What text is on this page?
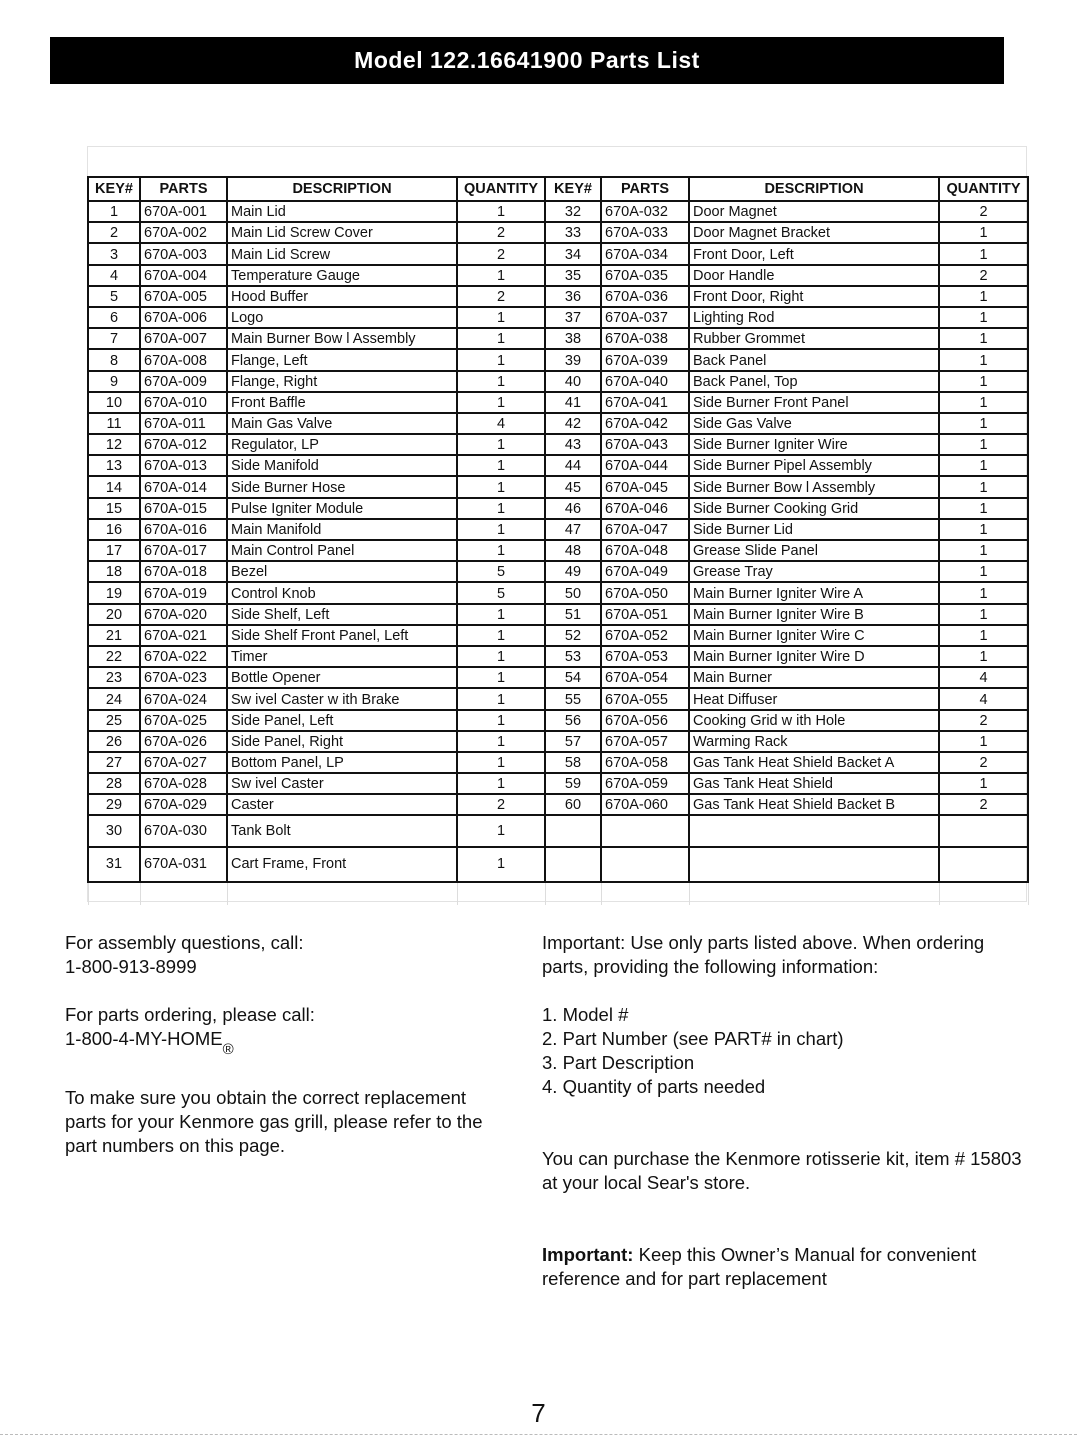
Model 122.16641900 Parts List
KEY#	PARTS	DESCRIPTION	QUANTITY	KEY#	PARTS	DESCRIPTION	QUANTITY
1	670A-001	Main Lid	1	32	670A-032	Door Magnet	2
2	670A-002	Main Lid Screw Cover	2	33	670A-033	Door Magnet Bracket	1
3	670A-003	Main Lid Screw	2	34	670A-034	Front Door, Left	1
4	670A-004	Temperature Gauge	1	35	670A-035	Door Handle	2
5	670A-005	Hood Buffer	2	36	670A-036	Front Door, Right	1
6	670A-006	Logo	1	37	670A-037	Lighting Rod	1
7	670A-007	Main Burner Bow l Assembly	1	38	670A-038	Rubber Grommet	1
8	670A-008	Flange, Left	1	39	670A-039	Back Panel	1
9	670A-009	Flange, Right	1	40	670A-040	Back Panel, Top	1
10	670A-010	Front Baffle	1	41	670A-041	Side Burner Front Panel	1
11	670A-011	Main Gas Valve	4	42	670A-042	Side Gas Valve	1
12	670A-012	Regulator, LP	1	43	670A-043	Side Burner Igniter Wire	1
13	670A-013	Side Manifold	1	44	670A-044	Side Burner Pipel Assembly	1
14	670A-014	Side Burner Hose	1	45	670A-045	Side Burner Bow l Assembly	1
15	670A-015	Pulse Igniter Module	1	46	670A-046	Side Burner Cooking Grid	1
16	670A-016	Main Manifold	1	47	670A-047	Side Burner Lid	1
17	670A-017	Main Control Panel	1	48	670A-048	Grease Slide Panel	1
18	670A-018	Bezel	5	49	670A-049	Grease Tray	1
19	670A-019	Control Knob	5	50	670A-050	Main Burner Igniter Wire A	1
20	670A-020	Side Shelf, Left	1	51	670A-051	Main Burner Igniter Wire B	1
21	670A-021	Side Shelf Front Panel, Left	1	52	670A-052	Main Burner Igniter Wire C	1
22	670A-022	Timer	1	53	670A-053	Main Burner Igniter Wire D	1
23	670A-023	Bottle Opener	1	54	670A-054	Main Burner	4
24	670A-024	Sw ivel Caster w ith Brake	1	55	670A-055	Heat Diffuser	4
25	670A-025	Side Panel, Left	1	56	670A-056	Cooking Grid w ith Hole	2
26	670A-026	Side Panel, Right	1	57	670A-057	Warming Rack	1
27	670A-027	Bottom Panel, LP	1	58	670A-058	Gas Tank Heat Shield Backet A	2
28	670A-028	Sw ivel Caster	1	59	670A-059	Gas Tank Heat Shield	1
29	670A-029	Caster	2	60	670A-060	Gas Tank Heat Shield Backet B	2
30	670A-030	Tank Bolt	1				
31	670A-031	Cart Frame, Front	1				

For assembly questions, call:

1-800-913-8999

For parts ordering, please call:

$1-800-4-MY-HOME_®$

To make sure you obtain the correct replacement parts for your Kenmore gas grill, please refer to the part numbers on this page.

Important: Use only parts listed above. When ordering parts, providing the following information:

1. Model #

2. Part Number (see PART# in chart)

3. Part Description

4. Quantity of parts needed

You can purchase the Kenmore rotisserie kit, item # 15803 at your local Sear's store.

Important: Keep this Owner’s Manual for convenient reference and for part replacement

7
